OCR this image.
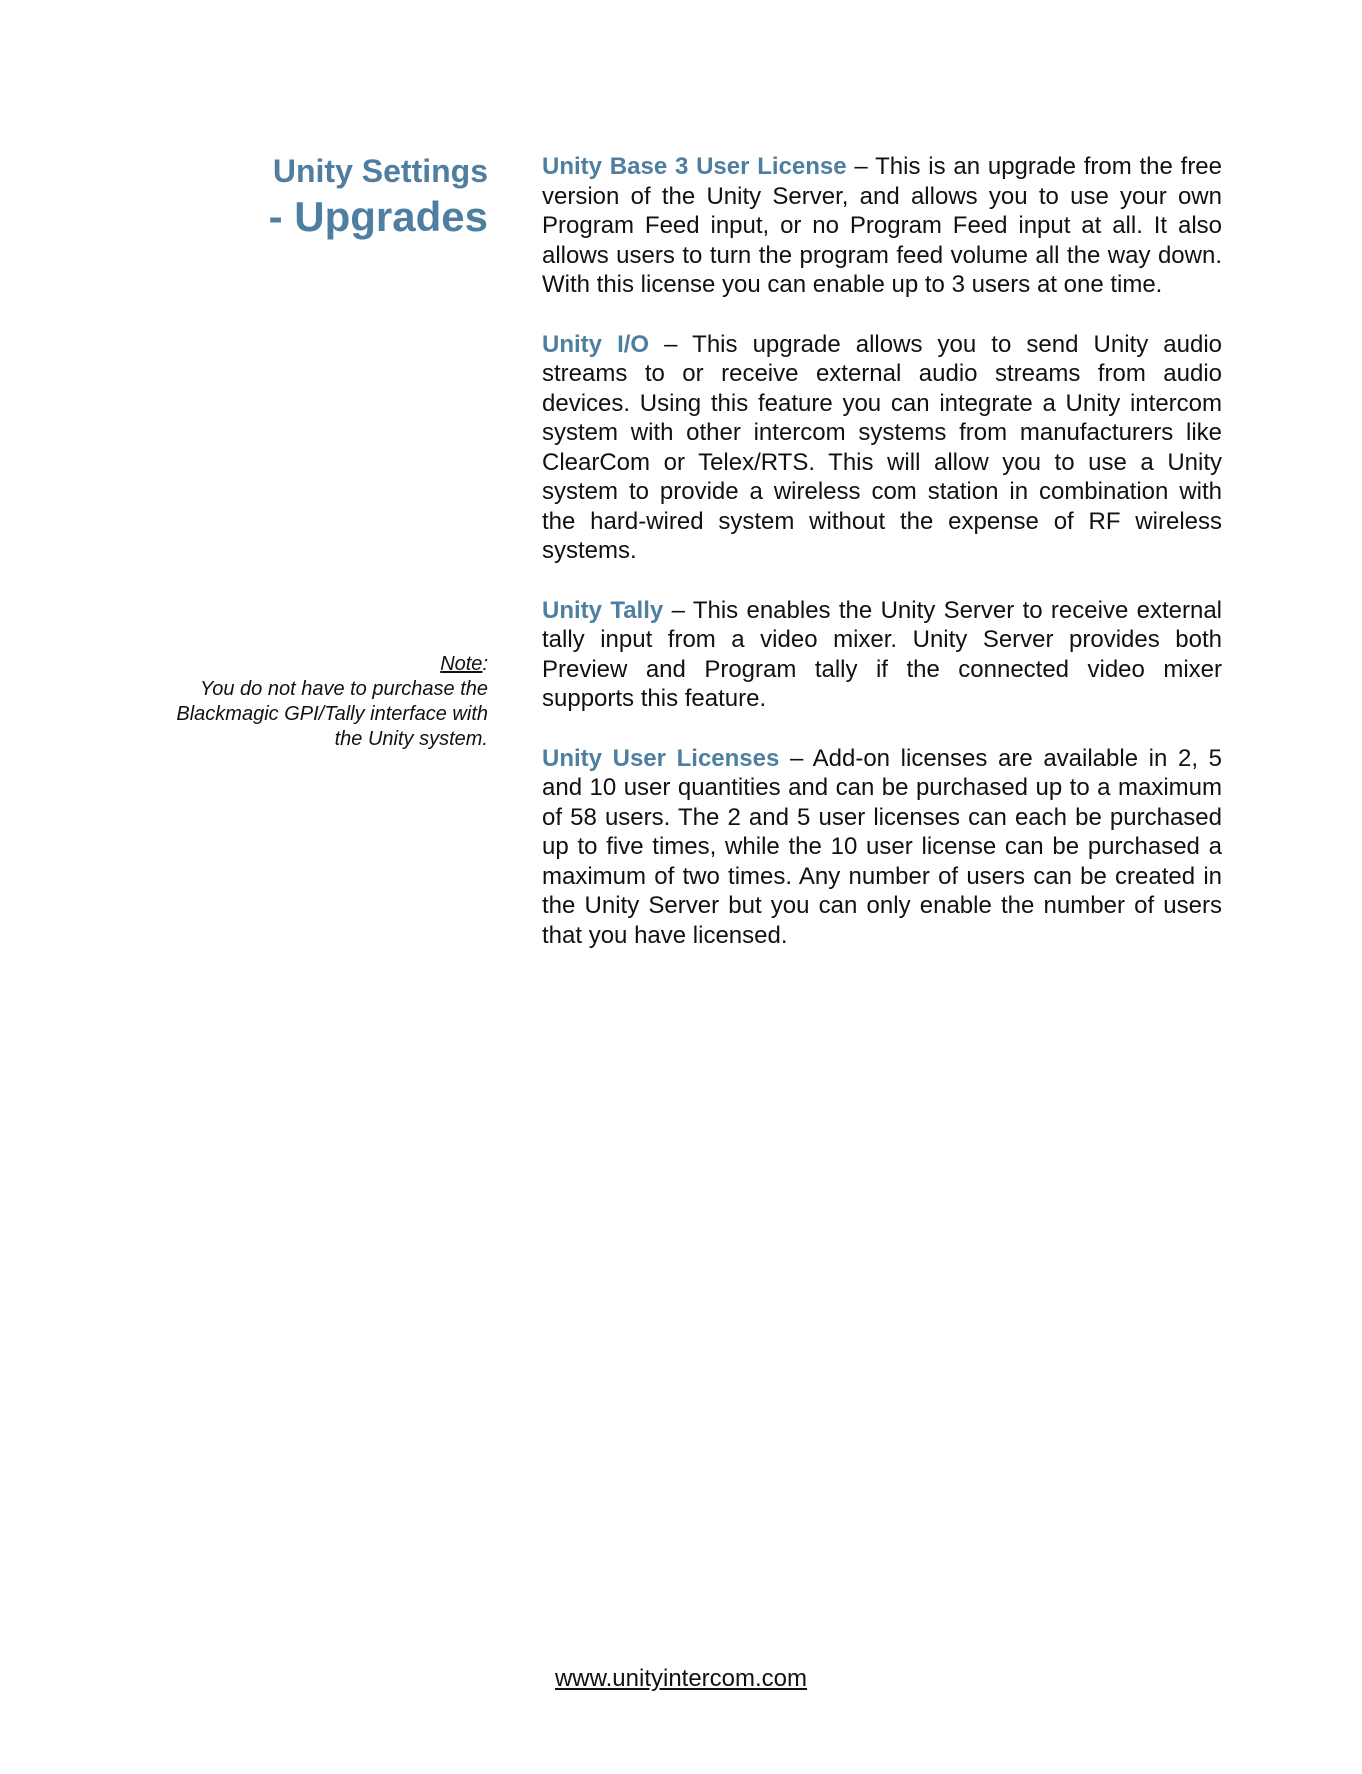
Unity Settings
- Upgrades
Note:
You do not have to purchase the
Blackmagic GPI/Tally interface with
the Unity system.

Unity Base 3 User License – This is an upgrade from the free version of the Unity Server, and allows you to use your own Program Feed input, or no Program Feed input at all. It also allows users to turn the program feed volume all the way down. With this license you can enable up to 3 users at one time.

Unity I/O – This upgrade allows you to send Unity audio streams to or receive external audio streams from audio devices. Using this feature you can integrate a Unity intercom system with other intercom systems from manufacturers like ClearCom or Telex/RTS. This will allow you to use a Unity system to provide a wireless com station in combination with the hard-wired system without the expense of RF wireless systems.

Unity Tally – This enables the Unity Server to receive external tally input from a video mixer. Unity Server provides both Preview and Program tally if the connected video mixer supports this feature.

Unity User Licenses – Add-on licenses are available in 2, 5 and 10 user quantities and can be purchased up to a maximum of 58 users. The 2 and 5 user licenses can each be purchased up to five times, while the 10 user license can be purchased a maximum of two times. Any number of users can be created in the Unity Server but you can only enable the number of users that you have licensed.

www.unityintercom.com
